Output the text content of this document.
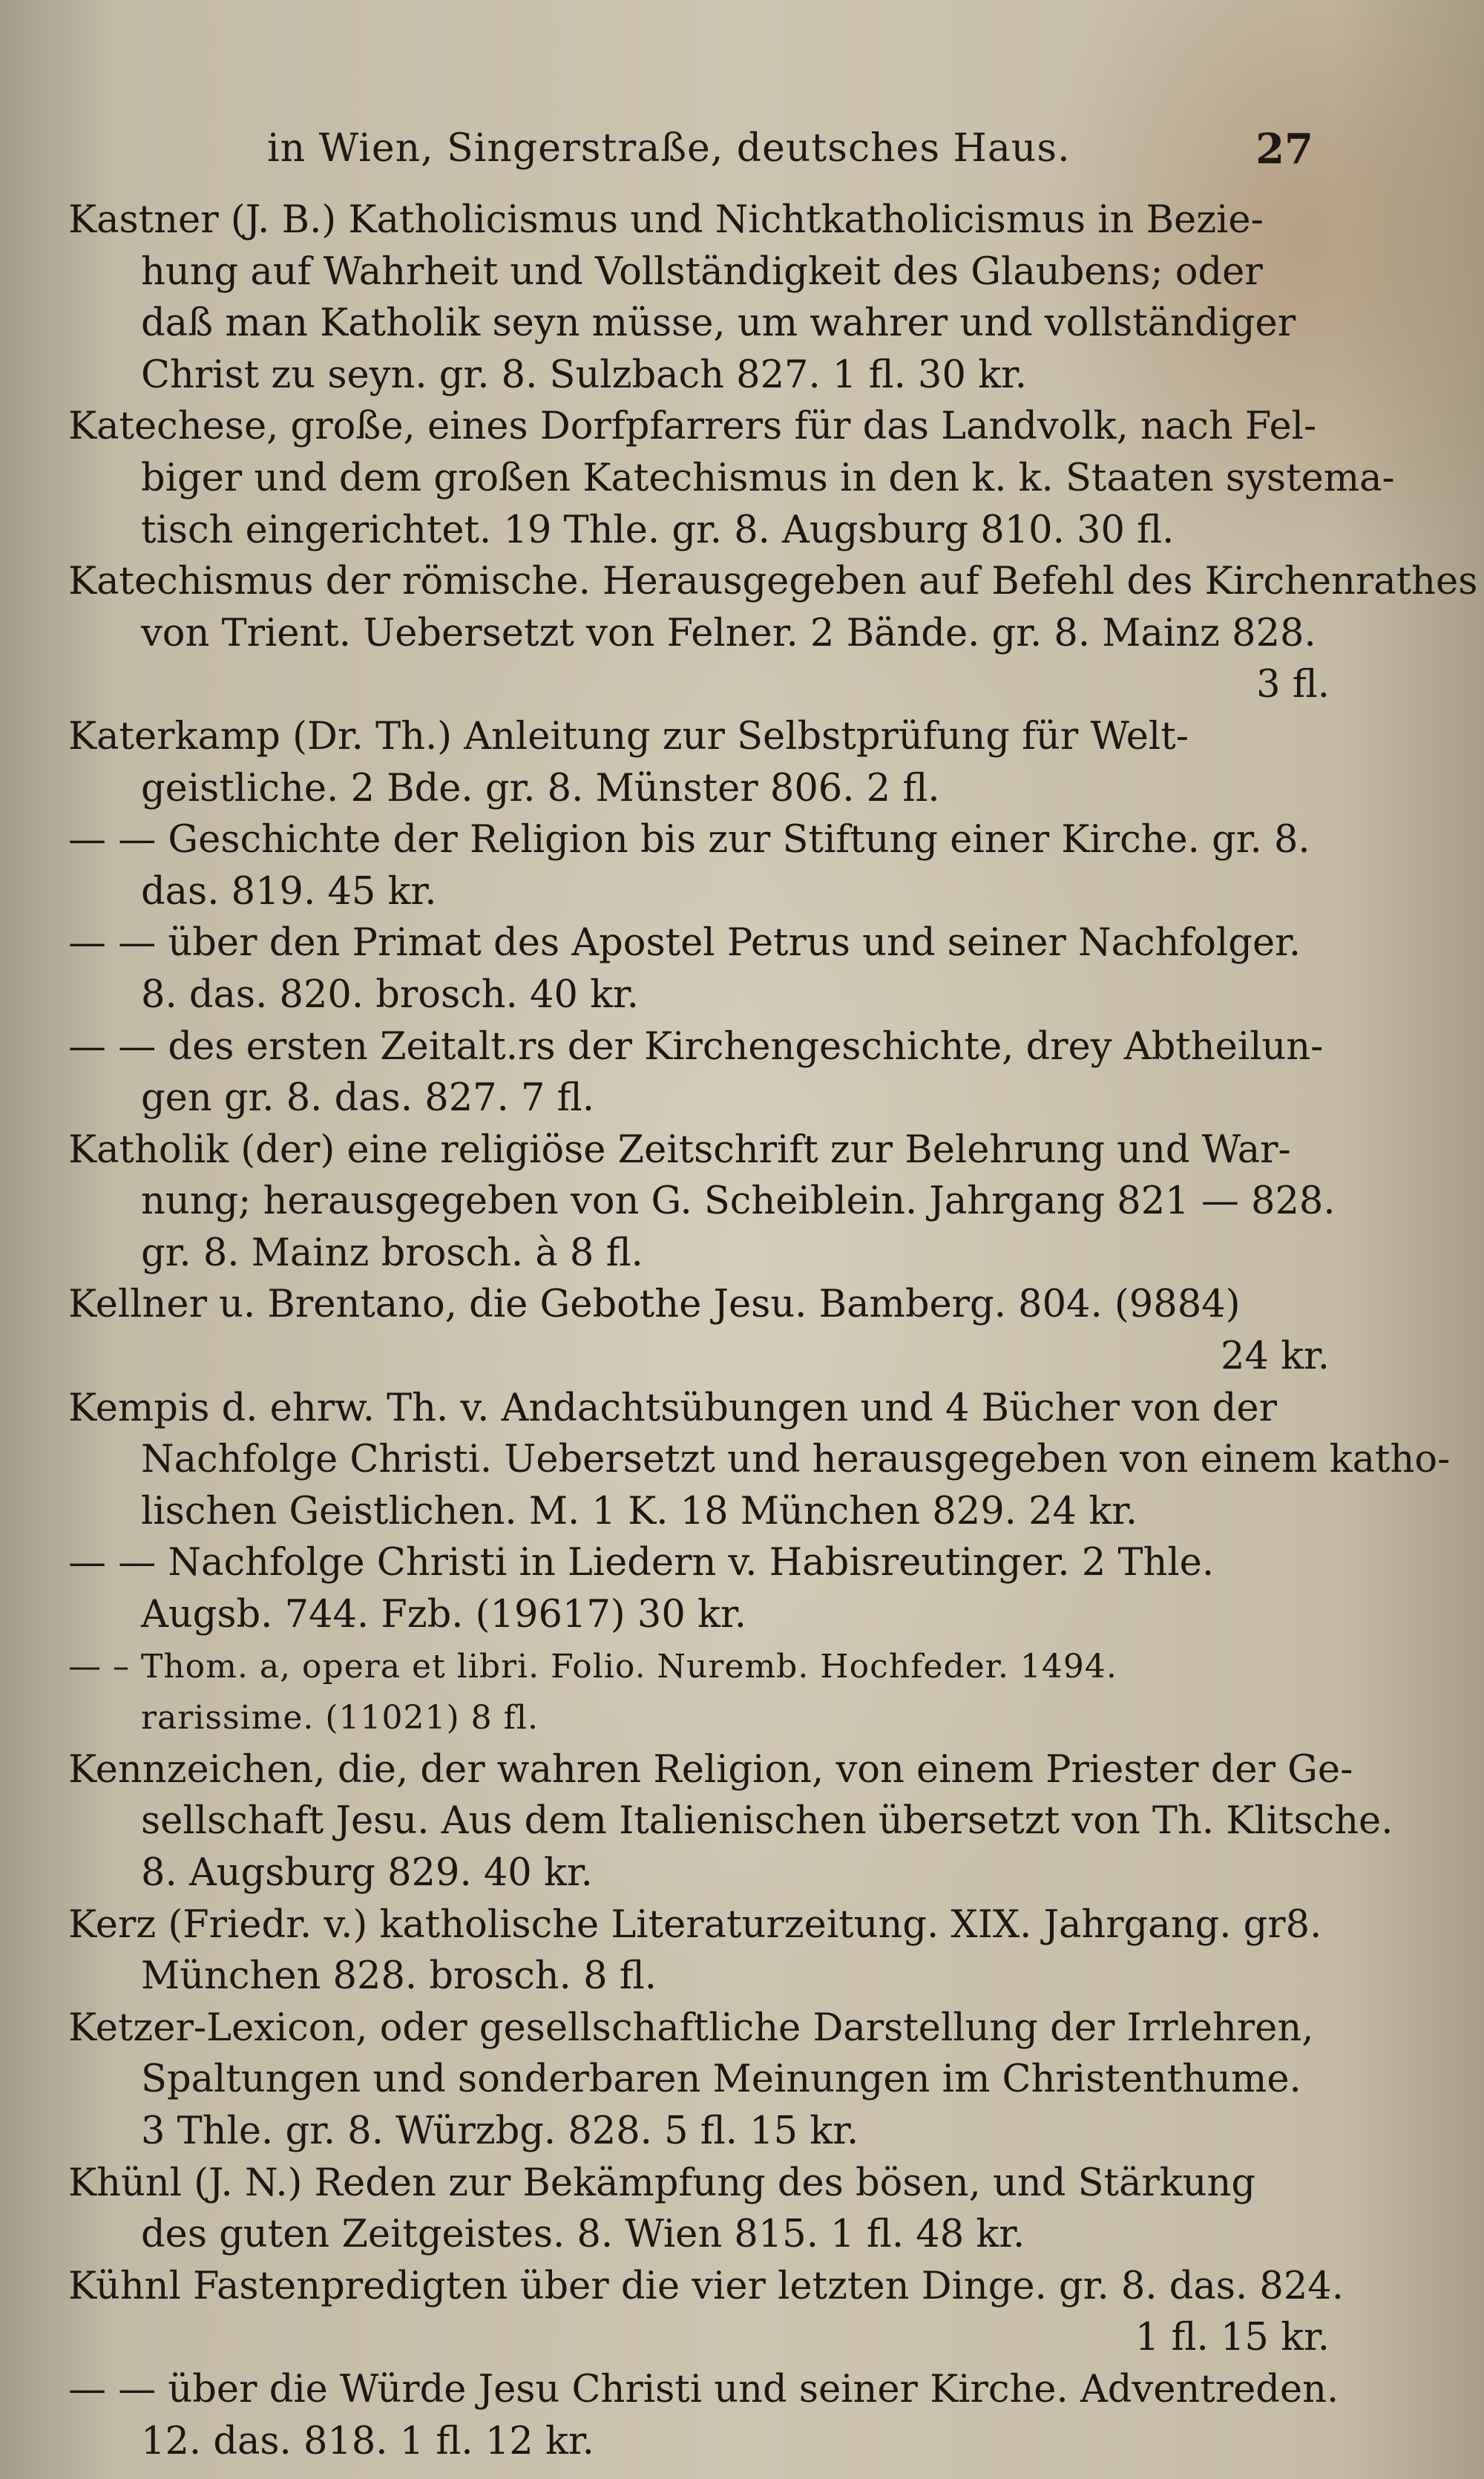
in Wien, Singerstraße, deutsches Haus.	27
Kastner (J. B.) Katholicismus und Nichtkatholicismus in Bezie-
hung auf Wahrheit und Vollständigkeit des Glaubens; oder
daß man Katholik seyn müsse, um wahrer und vollständiger
Christ zu seyn. gr. 8. Sulzbach 827. 1 fl. 30 kr.
Katechese, große, eines Dorfpfarrers für das Landvolk, nach Fel-
biger und dem großen Katechismus in den k. k. Staaten systema-
tisch eingerichtet. 19 Thle. gr. 8. Augsburg 810. 30 fl.
Katechismus der römische. Herausgegeben auf Befehl des Kirchenrathes
von Trient. Uebersetzt von Felner. 2 Bände. gr. 8. Mainz 828.
3 fl.
Katerkamp (Dr. Th.) Anleitung zur Selbstprüfung für Welt-
geistliche. 2 Bde. gr. 8. Münster 806. 2 fl.
— — Geschichte der Religion bis zur Stiftung einer Kirche. gr. 8.
das. 819. 45 kr.
— — über den Primat des Apostel Petrus und seiner Nachfolger.
8. das. 820. brosch. 40 kr.
— — des ersten Zeitalt.rs der Kirchengeschichte, drey Abtheilun-
gen gr. 8. das. 827. 7 fl.
Katholik (der) eine religiöse Zeitschrift zur Belehrung und War-
nung; herausgegeben von G. Scheiblein. Jahrgang 821 — 828.
gr. 8. Mainz brosch. à 8 fl.
Kellner u. Brentano, die Gebothe Jesu. Bamberg. 804. (9884)
24 kr.
Kempis d. ehrw. Th. v. Andachtsübungen und 4 Bücher von der
Nachfolge Christi. Uebersetzt und herausgegeben von einem katho-
lischen Geistlichen. M. 1 K. 18 München 829. 24 kr.
— — Nachfolge Christi in Liedern v. Habisreutinger. 2 Thle.
Augsb. 744. Fzb. (19617) 30 kr.
— – Thom. a, opera et libri. Folio. Nuremb. Hochfeder. 1494.
rarissime. (11021) 8 fl.
Kennzeichen, die, der wahren Religion, von einem Priester der Ge-
sellschaft Jesu. Aus dem Italienischen übersetzt von Th. Klitsche.
8. Augsburg 829. 40 kr.
Kerz (Friedr. v.) katholische Literaturzeitung. XIX. Jahrgang. gr8.
München 828. brosch. 8 fl.
Ketzer-Lexicon, oder gesellschaftliche Darstellung der Irrlehren,
Spaltungen und sonderbaren Meinungen im Christenthume.
3 Thle. gr. 8. Würzbg. 828. 5 fl. 15 kr.
Khünl (J. N.) Reden zur Bekämpfung des bösen, und Stärkung
des guten Zeitgeistes. 8. Wien 815. 1 fl. 48 kr.
Kühnl Fastenpredigten über die vier letzten Dinge. gr. 8. das. 824.
1 fl. 15 kr.
— — über die Würde Jesu Christi und seiner Kirche. Adventreden.
12. das. 818. 1 fl. 12 kr.
